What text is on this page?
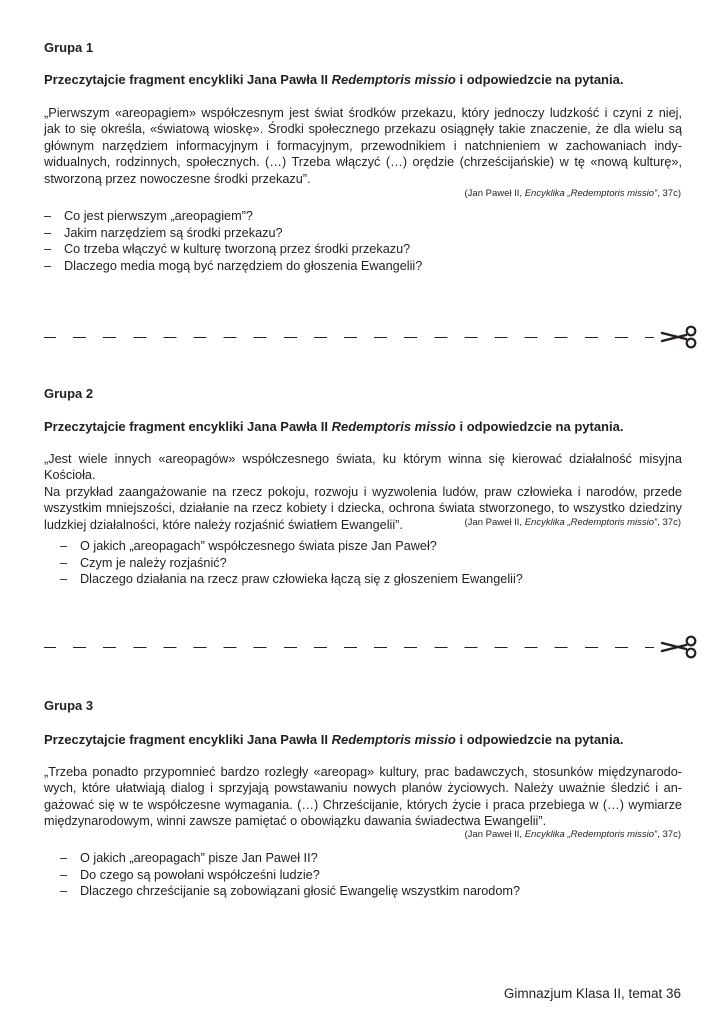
Grupa 1
Przeczytajcie fragment encykliki Jana Pawła II Redemptoris missio i odpowiedzcie na pytania.
„Pierwszym «areopagiem» współczesnym jest świat środków przekazu, który jednoczy ludzkość i czyni z niej,
jak to się określa, «światową wioskę». Środki społecznego przekazu osiągnęły takie znaczenie, że dla wielu są
głównym narzędziem informacyjnym i formacyjnym, przewodnikiem i natchnieniem w zachowaniach indy-
widualnych, rodzinnych, społecznych. (…) Trzeba włączyć (…) orędzie (chrześcijańskie) w tę «nową kulturę»,
stworzoną przez nowoczesne środki przekazu”.
(Jan Paweł II, Encyklika „Redemptoris missio”, 37c)
– Co jest pierwszym „areopagiem”?
– Jakim narzędziem są środki przekazu?
– Co trzeba włączyć w kulturę tworzoną przez środki przekazu?
– Dlaczego media mogą być narzędziem do głoszenia Ewangelii?
Grupa 2
Przeczytajcie fragment encykliki Jana Pawła II Redemptoris missio i odpowiedzcie na pytania.
„Jest wiele innych «areopagów» współczesnego świata, ku którym winna się kierować działalność misyjna Kościoła.
Na przykład zaangażowanie na rzecz pokoju, rozwoju i wyzwolenia ludów, praw człowieka i narodów, przede
wszystkim mniejszości, działanie na rzecz kobiety i dziecka, ochrona świata stworzonego, to wszystko dziedziny
ludzkiej działalności, które należy rozjaśnić światłem Ewangelii”.	(Jan Paweł II, Encyklika „Redemptoris missio”, 37c)
– O jakich „areopagach” współczesnego świata pisze Jan Paweł?
– Czym je należy rozjaśnić?
– Dlaczego działania na rzecz praw człowieka łączą się z głoszeniem Ewangelii?
Grupa 3
Przeczytajcie fragment encykliki Jana Pawła II Redemptoris missio i odpowiedzcie na pytania.
„Trzeba ponadto przypomnieć bardzo rozległy «areopag» kultury, prac badawczych, stosunków międzynarodo-
wych, które ułatwiają dialog i sprzyjają powstawaniu nowych planów życiowych. Należy uważnie śledzić i an-
gażować się w te współczesne wymagania. (…) Chrześcijanie, których życie i praca przebiega w (…) wymiarze
międzynarodowym, winni zawsze pamiętać o obowiązku dawania świadectwa Ewangelii”.
(Jan Paweł II, Encyklika „Redemptoris missio”, 37c)
– O jakich „areopagach” pisze Jan Paweł II?
– Do czego są powołani współcześni ludzie?
– Dlaczego chrześcijanie są zobowiązani głosić Ewangelię wszystkim narodom?
Gimnazjum Klasa II, temat 36
